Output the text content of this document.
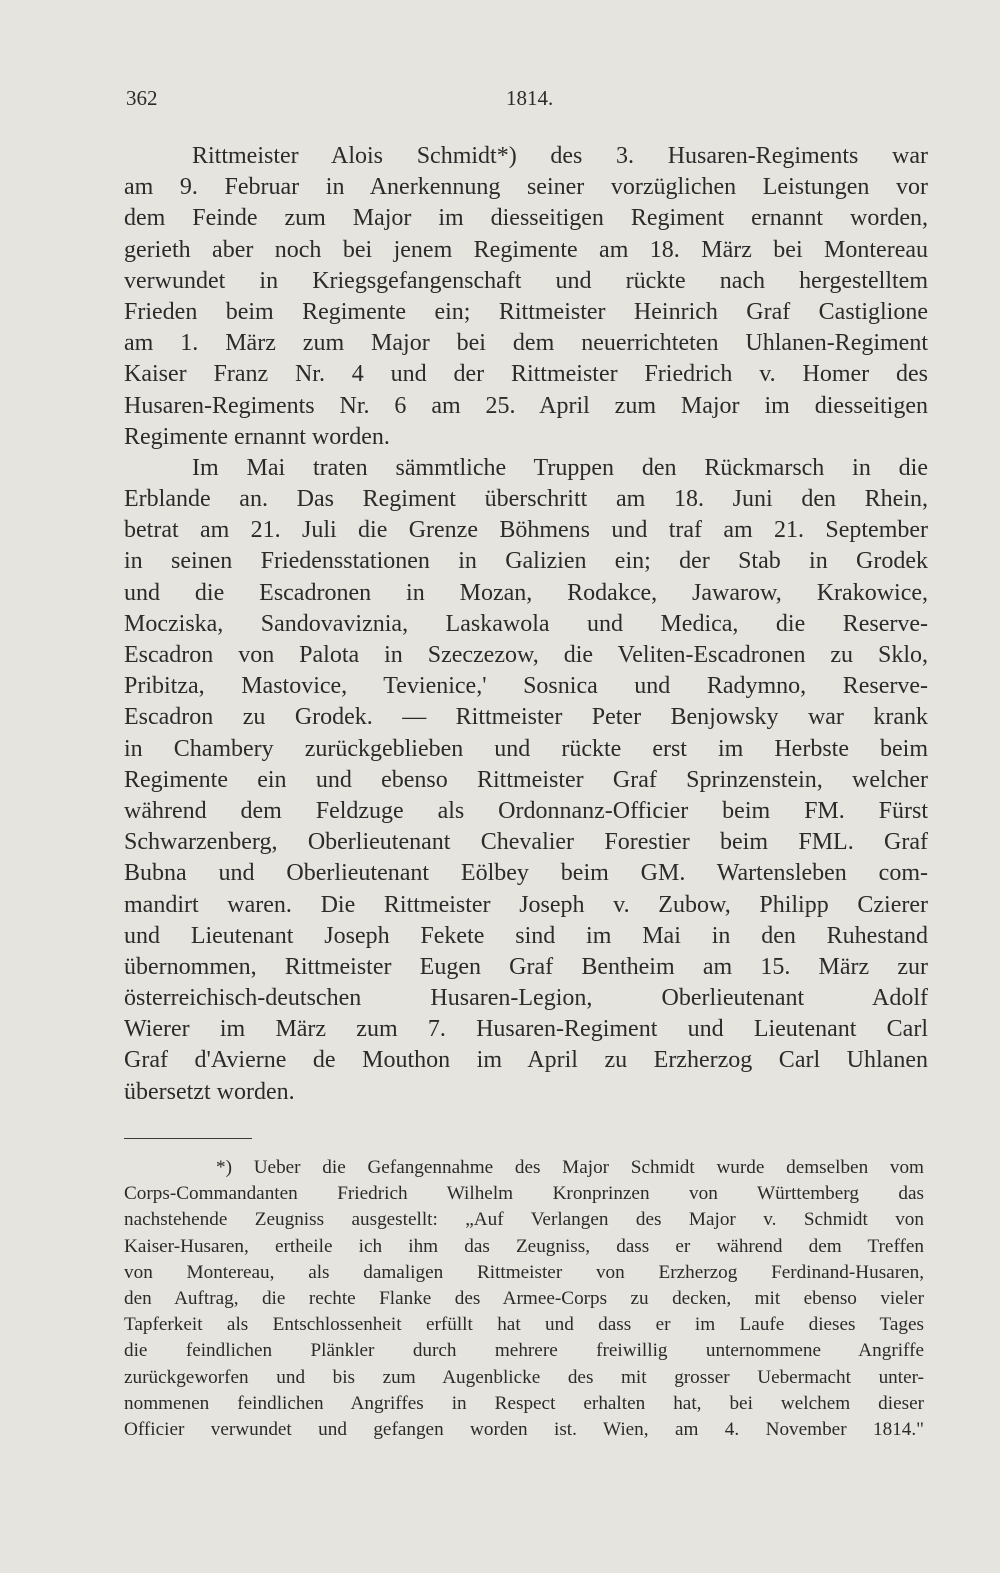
362	1814.
Rittmeister Alois Schmidt*) des 3. Husaren-Regiments war
am 9. Februar in Anerkennung seiner vorzüglichen Leistungen vor
dem Feinde zum Major im diesseitigen Regiment ernannt worden,
gerieth aber noch bei jenem Regimente am 18. März bei Montereau
verwundet in Kriegsgefangenschaft und rückte nach hergestelltem
Frieden beim Regimente ein; Rittmeister Heinrich Graf Castiglione
am 1. März zum Major bei dem neuerrichteten Uhlanen-Regiment
Kaiser Franz Nr. 4 und der Rittmeister Friedrich v. Homer des
Husaren-Regiments Nr. 6 am 25. April zum Major im diesseitigen
Regimente ernannt worden.
Im Mai traten sämmtliche Truppen den Rückmarsch in die
Erblande an. Das Regiment überschritt am 18. Juni den Rhein,
betrat am 21. Juli die Grenze Böhmens und traf am 21. September
in seinen Friedensstationen in Galizien ein; der Stab in Grodek
und die Escadronen in Mozan, Rodakce, Jawarow, Krakowice,
Mocziska, Sandovaviznia, Laskawola und Medica, die Reserve-
Escadron von Palota in Szeczezow, die Veliten-Escadronen zu Sklo,
Pribitza, Mastovice, Tevienice,' Sosnica und Radymno, Reserve-
Escadron zu Grodek. — Rittmeister Peter Benjowsky war krank
in Chambery zurückgeblieben und rückte erst im Herbste beim
Regimente ein und ebenso Rittmeister Graf Sprinzenstein, welcher
während dem Feldzuge als Ordonnanz-Officier beim FM. Fürst
Schwarzenberg, Oberlieutenant Chevalier Forestier beim FML. Graf
Bubna und Oberlieutenant Eölbey beim GM. Wartensleben com-
mandirt waren. Die Rittmeister Joseph v. Zubow, Philipp Czierer
und Lieutenant Joseph Fekete sind im Mai in den Ruhestand
übernommen, Rittmeister Eugen Graf Bentheim am 15. März zur
österreichisch-deutschen Husaren-Legion, Oberlieutenant Adolf
Wierer im März zum 7. Husaren-Regiment und Lieutenant Carl
Graf d'Avierne de Mouthon im April zu Erzherzog Carl Uhlanen
übersetzt worden.
*) Ueber die Gefangennahme des Major Schmidt wurde demselben vom
Corps-Commandanten Friedrich Wilhelm Kronprinzen von Württemberg das
nachstehende Zeugniss ausgestellt: „Auf Verlangen des Major v. Schmidt von
Kaiser-Husaren, ertheile ich ihm das Zeugniss, dass er während dem Treffen
von Montereau, als damaligen Rittmeister von Erzherzog Ferdinand-Husaren,
den Auftrag, die rechte Flanke des Armee-Corps zu decken, mit ebenso vieler
Tapferkeit als Entschlossenheit erfüllt hat und dass er im Laufe dieses Tages
die feindlichen Plänkler durch mehrere freiwillig unternommene Angriffe
zurückgeworfen und bis zum Augenblicke des mit grosser Uebermacht unter-
nommenen feindlichen Angriffes in Respect erhalten hat, bei welchem dieser
Officier verwundet und gefangen worden ist. Wien, am 4. November 1814."
